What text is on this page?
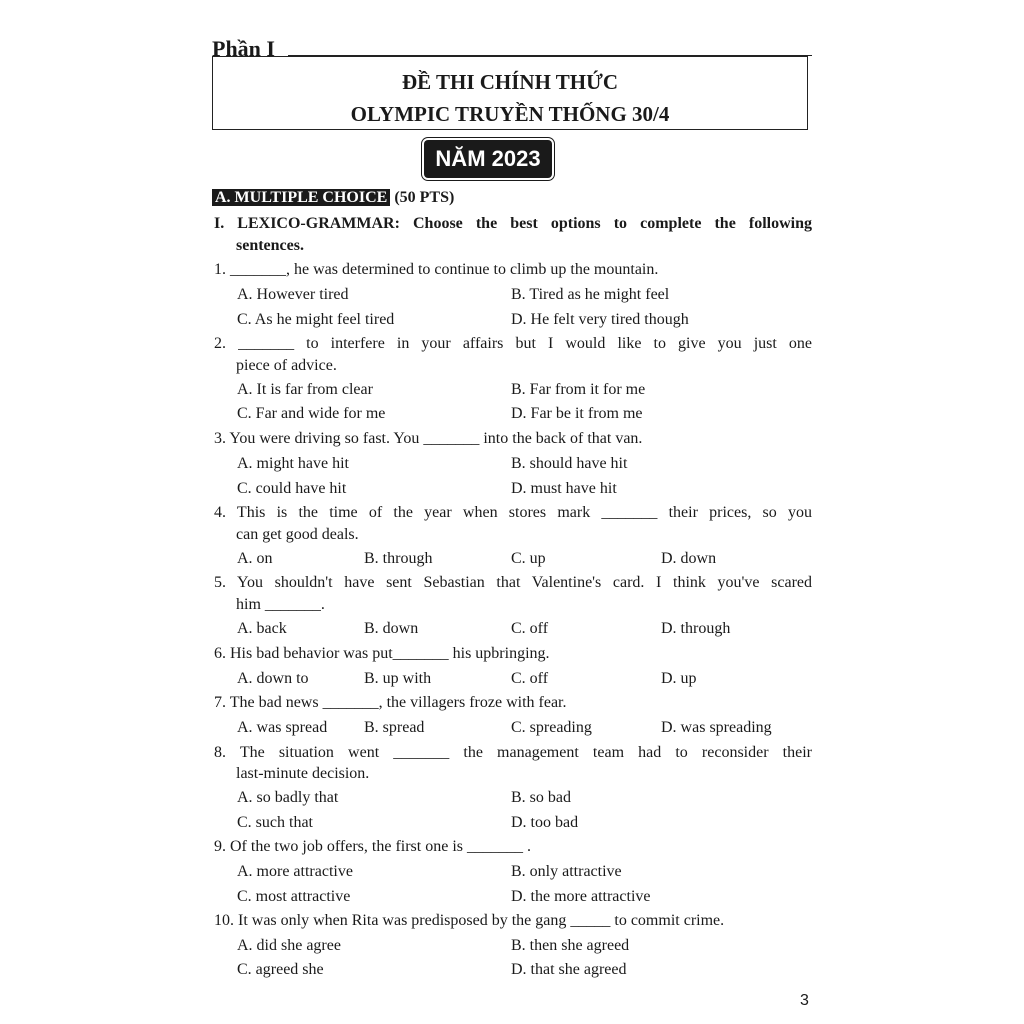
Phần I
ĐỀ THI CHÍNH THỨC
OLYMPIC TRUYỀN THỐNG 30/4
NĂM 2023
A. MULTIPLE CHOICE (50 PTS)
I. LEXICO-GRAMMAR: Choose the best options to complete the following
sentences.
1. _______, he was determined to continue to climb up the mountain.
A. However tired	B. Tired as he might feel
C. As he might feel tired	D. He felt very tired though
2. _______ to interfere in your affairs but I would like to give you just one
piece of advice.
A. It is far from clear	B. Far from it for me
C. Far and wide for me	D. Far be it from me
3. You were driving so fast. You _______ into the back of that van.
A. might have hit	B. should have hit
C. could have hit	D. must have hit
4. This is the time of the year when stores mark _______ their prices, so you
can get good deals.
A. on	B. through	C. up	D. down
5. You shouldn't have sent Sebastian that Valentine's card. I think you've scared
him _______.
A. back	B. down	C. off	D. through
6. His bad behavior was put_______ his upbringing.
A. down to	B. up with	C. off	D. up
7. The bad news _______, the villagers froze with fear.
A. was spread B. spread	C. spreading	D. was spreading
8. The situation went _______ the management team had to reconsider their
last-minute decision.
A. so badly that	B. so bad
C. such that	D. too bad
9. Of the two job offers, the first one is _______ .
A. more attractive	B. only attractive
C. most attractive	D. the more attractive
10. It was only when Rita was predisposed by the gang _____ to commit crime.
A. did she agree	B. then she agreed
C. agreed she	D. that she agreed
3
